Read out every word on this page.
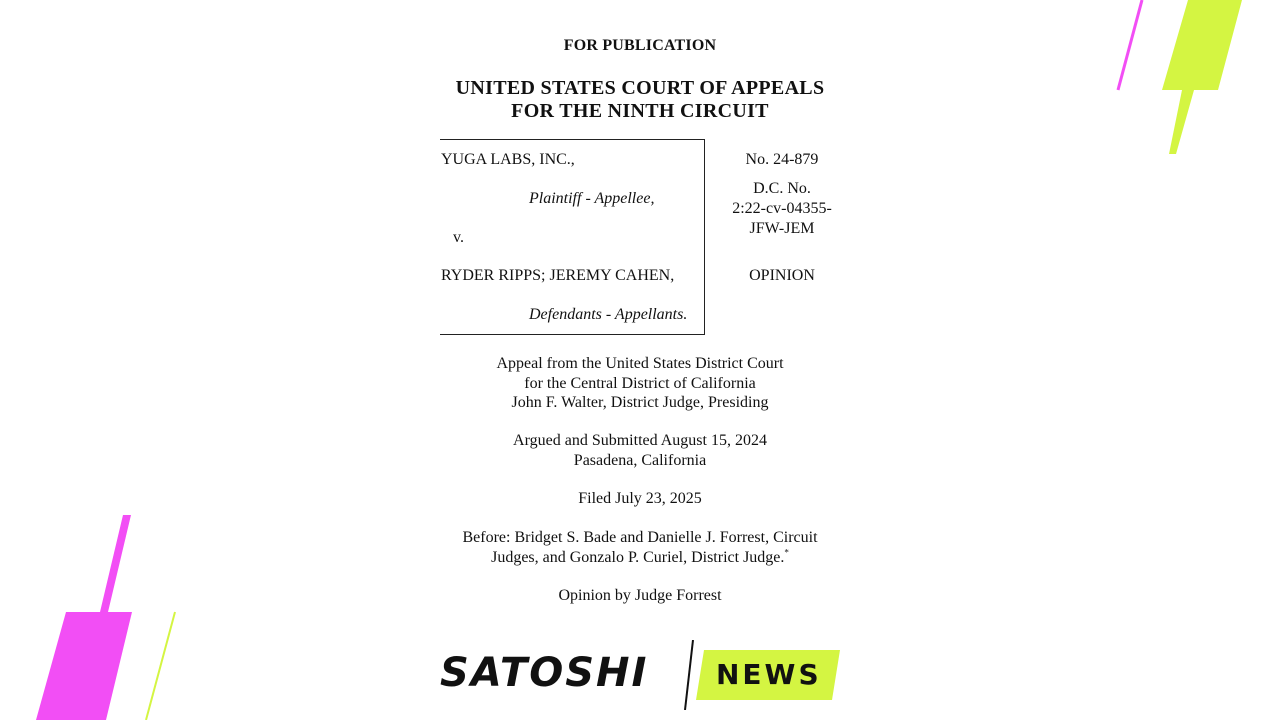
FOR PUBLICATION
UNITED STATES COURT OF APPEALS
FOR THE NINTH CIRCUIT
YUGA LABS, INC.,
Plaintiff - Appellee,
v.
RYDER RIPPS; JEREMY CAHEN,
Defendants - Appellants.
No. 24-879
D.C. No.
2:22-cv-04355-
JFW-JEM
OPINION
Appeal from the United States District Court
for the Central District of California
John F. Walter, District Judge, Presiding
Argued and Submitted August 15, 2024
Pasadena, California
Filed July 23, 2025
Before: Bridget S. Bade and Danielle J. Forrest, Circuit
Judges, and Gonzalo P. Curiel, District Judge.*
Opinion by Judge Forrest
SATOSHI NEWS
